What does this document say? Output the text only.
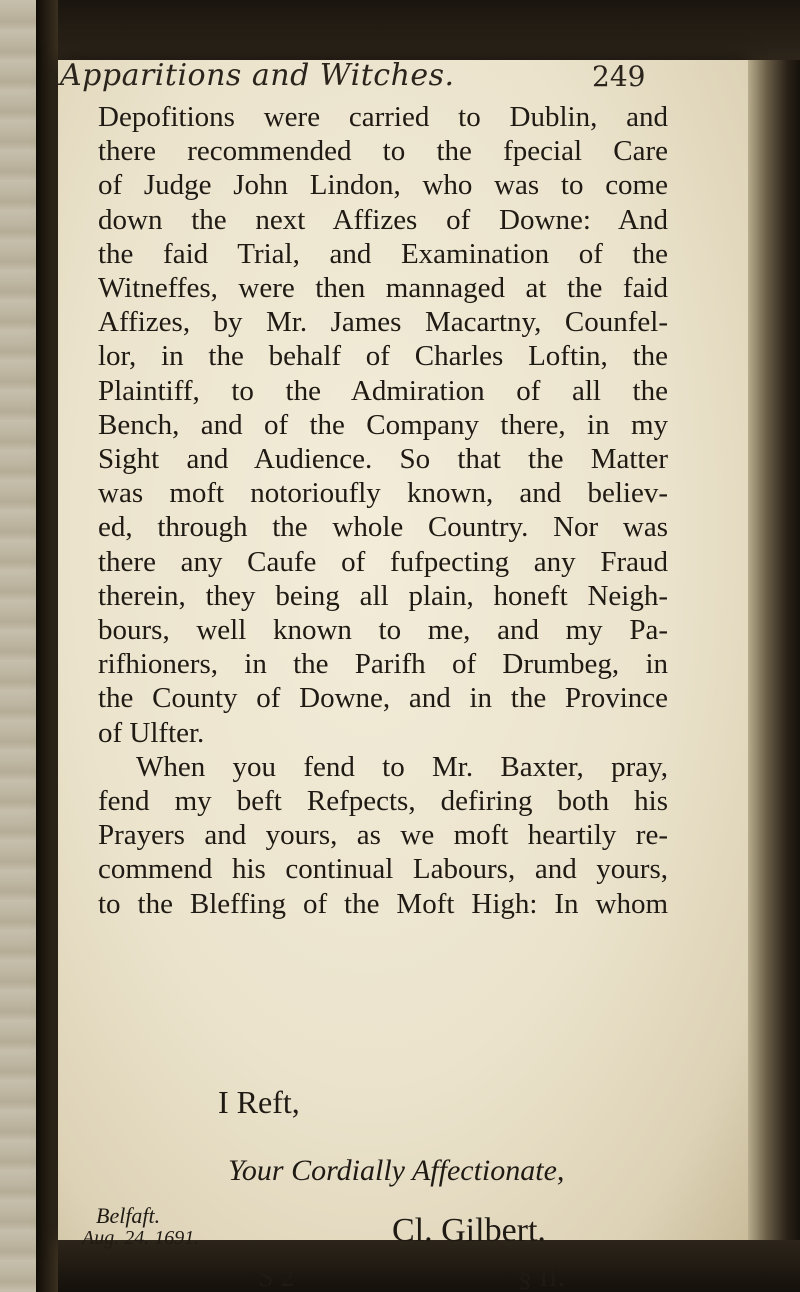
Apparitions and Witches.	249
Depofitions were carried to Dublin, and
there recommended to the fpecial Care
of Judge John Lindon, who was to come
down the next Affizes of Downe: And
the faid Trial, and Examination of the
Witneffes, were then mannaged at the faid
Affizes, by Mr. James Macartny, Counfel-
lor, in the behalf of Charles Loftin, the
Plaintiff, to the Admiration of all the
Bench, and of the Company there, in my
Sight and Audience. So that the Matter
was moft notorioufly known, and believ-
ed, through the whole Country. Nor was
there any Caufe of fufpecting any Fraud
therein, they being all plain, honeft Neigh-
bours, well known to me, and my Pa-
rifhioners, in the Parifh of Drumbeg, in
the County of Downe, and in the Province
of Ulfter.
When you fend to Mr. Baxter, pray,
fend my beft Refpects, defiring both his
Prayers and yours, as we moft heartily re-
commend his continual Labours, and yours,
to the Bleffing of the Moft High: In whom
I Reft,
Your Cordially Affectionate,
Belfaft.
Aug. 24. 1691.	Cl. Gilbert.
S 2	§ II.
